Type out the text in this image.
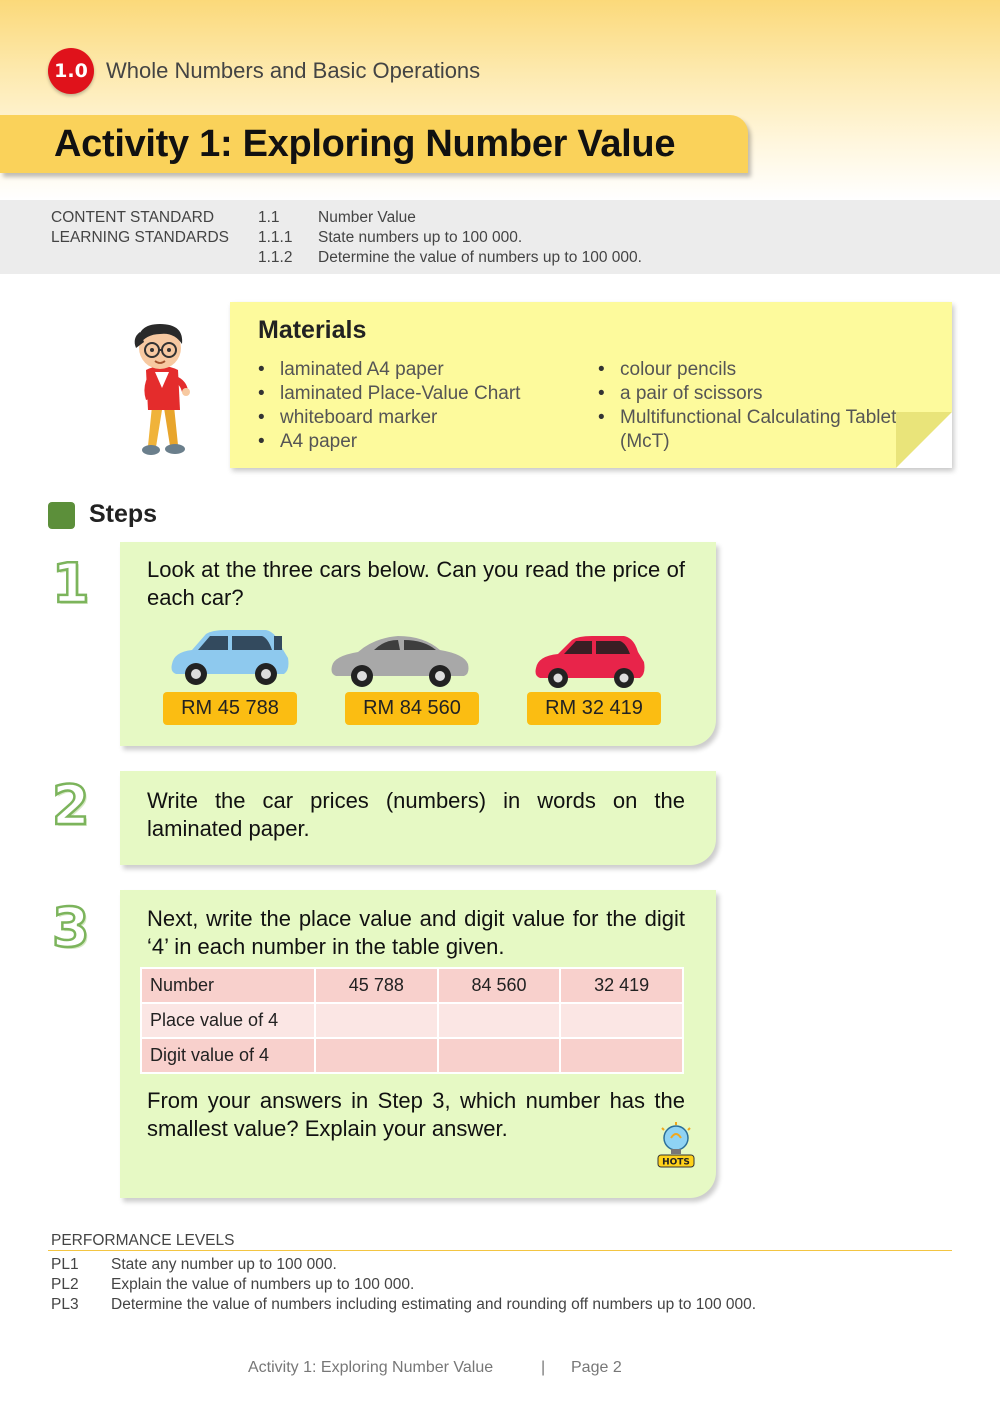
1.0 Whole Numbers and Basic Operations
Activity 1: Exploring Number Value
CONTENT STANDARD	1.1 Number Value
LEARNING STANDARDS 1.1.1 State numbers up to 100 000.
1.1.2 Determine the value of numbers up to 100 000.
Materials
• laminated A4 paper
• laminated Place-Value Chart
• whiteboard marker
• A4 paper
• colour pencils
• a pair of scissors
• Multifunctional Calculating Tablet (McT)
Steps
1	Look at the three cars below. Can you read the price of each car?
RM 45 788	RM 84 560	RM 32 419
2	Write the car prices (numbers) in words on the laminated paper.
3	Next, write the place value and digit value for the digit ‘4’ in each number in the table given.
Number	45 788	84 560	32 419
Place value of 4			
Digit value of 4			
From your answers in Step 3, which number has the smallest value? Explain your answer.
HOTS
PERFORMANCE LEVELS
PL1 State any number up to 100 000.
PL2 Explain the value of numbers up to 100 000.
PL3 Determine the value of numbers including estimating and rounding off numbers up to 100 000.
Activity 1: Exploring Number Value	| Page 2
